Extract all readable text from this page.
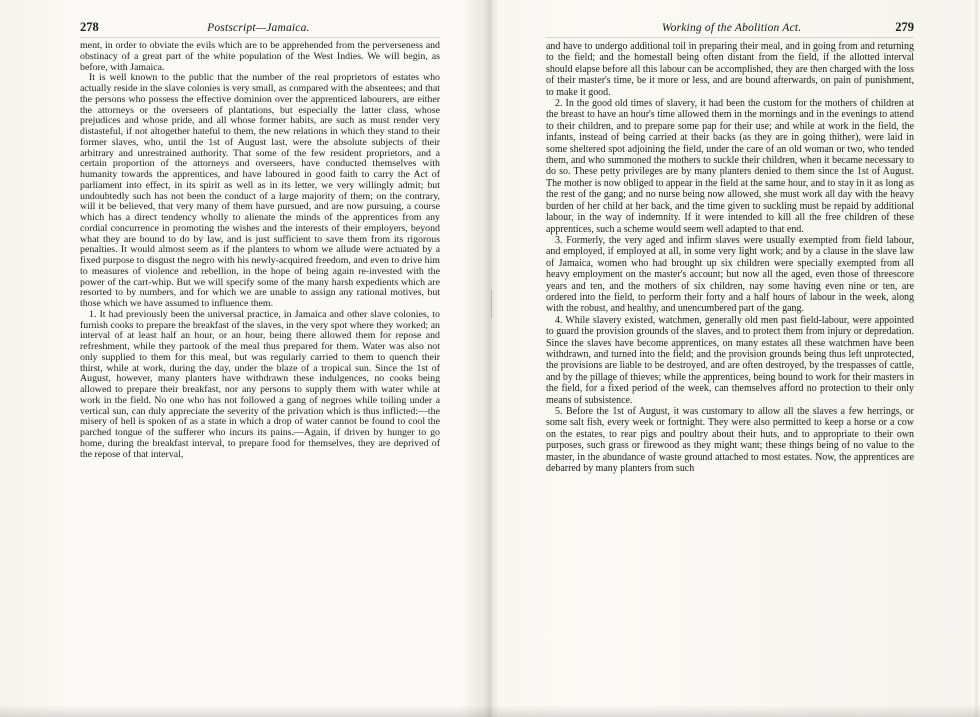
278	Postscript—Jamaica.

ment, in order to obviate the evils which are to be apprehended from the perverseness and obstinacy of a great part of the white population of the West Indies. We will begin, as before, with Jamaica.

It is well known to the public that the number of the real proprietors of estates who actually reside in the slave colonies is very small, as compared with the absentees; and that the persons who possess the effective dominion over the apprenticed labourers, are either the attorneys or the overseers of plantations, but especially the latter class, whose prejudices and whose pride, and all whose former habits, are such as must render very distasteful, if not altogether hateful to them, the new relations in which they stand to their former slaves, who, until the 1st of August last, were the absolute subjects of their arbitrary and unrestrained authority. That some of the few resident proprietors, and a certain proportion of the attorneys and overseers, have conducted themselves with humanity towards the apprentices, and have laboured in good faith to carry the Act of parliament into effect, in its spirit as well as in its letter, we very willingly admit; but undoubtedly such has not been the conduct of a large majority of them; on the contrary, will it be believed, that very many of them have pursued, and are now pursuing, a course which has a direct tendency wholly to alienate the minds of the apprentices from any cordial concurrence in promoting the wishes and the interests of their employers, beyond what they are bound to do by law, and is just sufficient to save them from its rigorous penalties. It would almost seem as if the planters to whom we allude were actuated by a fixed purpose to disgust the negro with his newly-acquired freedom, and even to drive him to measures of violence and rebellion, in the hope of being again re-invested with the power of the cart-whip. But we will specify some of the many harsh expedients which are resorted to by numbers, and for which we are unable to assign any rational motives, but those which we have assumed to influence them.

1. It had previously been the universal practice, in Jamaica and other slave colonies, to furnish cooks to prepare the breakfast of the slaves, in the very spot where they worked; an interval of at least half an hour, or an hour, being there allowed them for repose and refreshment, while they partook of the meal thus prepared for them. Water was also not only supplied to them for this meal, but was regularly carried to them to quench their thirst, while at work, during the day, under the blaze of a tropical sun. Since the 1st of August, however, many planters have withdrawn these indulgences, no cooks being allowed to prepare their breakfast, nor any persons to supply them with water while at work in the field. No one who has not followed a gang of negroes while toiling under a vertical sun, can duly appreciate the severity of the privation which is thus inflicted:—the misery of hell is spoken of as a state in which a drop of water cannot be found to cool the parched tongue of the sufferer who incurs its pains.—Again, if driven by hunger to go home, during the breakfast interval, to prepare food for themselves, they are deprived of the repose of that interval,

Working of the Abolition Act.	279

and have to undergo additional toil in preparing their meal, and in going from and returning to the field; and the homestall being often distant from the field, if the allotted interval should elapse before all this labour can be accomplished, they are then charged with the loss of their master's time, be it more or less, and are bound afterwards, on pain of punishment, to make it good.

2. In the good old times of slavery, it had been the custom for the mothers of children at the breast to have an hour's time allowed them in the mornings and in the evenings to attend to their children, and to prepare some pap for their use; and while at work in the field, the infants, instead of being carried at their backs (as they are in going thither), were laid in some sheltered spot adjoining the field, under the care of an old woman or two, who tended them, and who summoned the mothers to suckle their children, when it became necessary to do so. These petty privileges are by many planters denied to them since the 1st of August. The mother is now obliged to appear in the field at the same hour, and to stay in it as long as the rest of the gang; and no nurse being now allowed, she must work all day with the heavy burden of her child at her back, and the time given to suckling must be repaid by additional labour, in the way of indemnity. If it were intended to kill all the free children of these apprentices, such a scheme would seem well adapted to that end.

3. Formerly, the very aged and infirm slaves were usually exempted from field labour, and employed, if employed at all, in some very light work; and by a clause in the slave law of Jamaica, women who had brought up six children were specially exempted from all heavy employment on the master's account; but now all the aged, even those of threescore years and ten, and the mothers of six children, nay some having even nine or ten, are ordered into the field, to perform their forty and a half hours of labour in the week, along with the robust, and healthy, and unencumbered part of the gang.

4. While slavery existed, watchmen, generally old men past field-labour, were appointed to guard the provision grounds of the slaves, and to protect them from injury or depredation. Since the slaves have become apprentices, on many estates all these watchmen have been withdrawn, and turned into the field; and the provision grounds being thus left unprotected, the provisions are liable to be destroyed, and are often destroyed, by the trespasses of cattle, and by the pillage of thieves; while the apprentices, being bound to work for their masters in the field, for a fixed period of the week, can themselves afford no protection to their only means of subsistence.

5. Before the 1st of August, it was customary to allow all the slaves a few herrings, or some salt fish, every week or fortnight. They were also permitted to keep a horse or a cow on the estates, to rear pigs and poultry about their huts, and to appropriate to their own purposes, such grass or firewood as they might want; these things being of no value to the master, in the abundance of waste ground attached to most estates. Now, the apprentices are debarred by many planters from such
